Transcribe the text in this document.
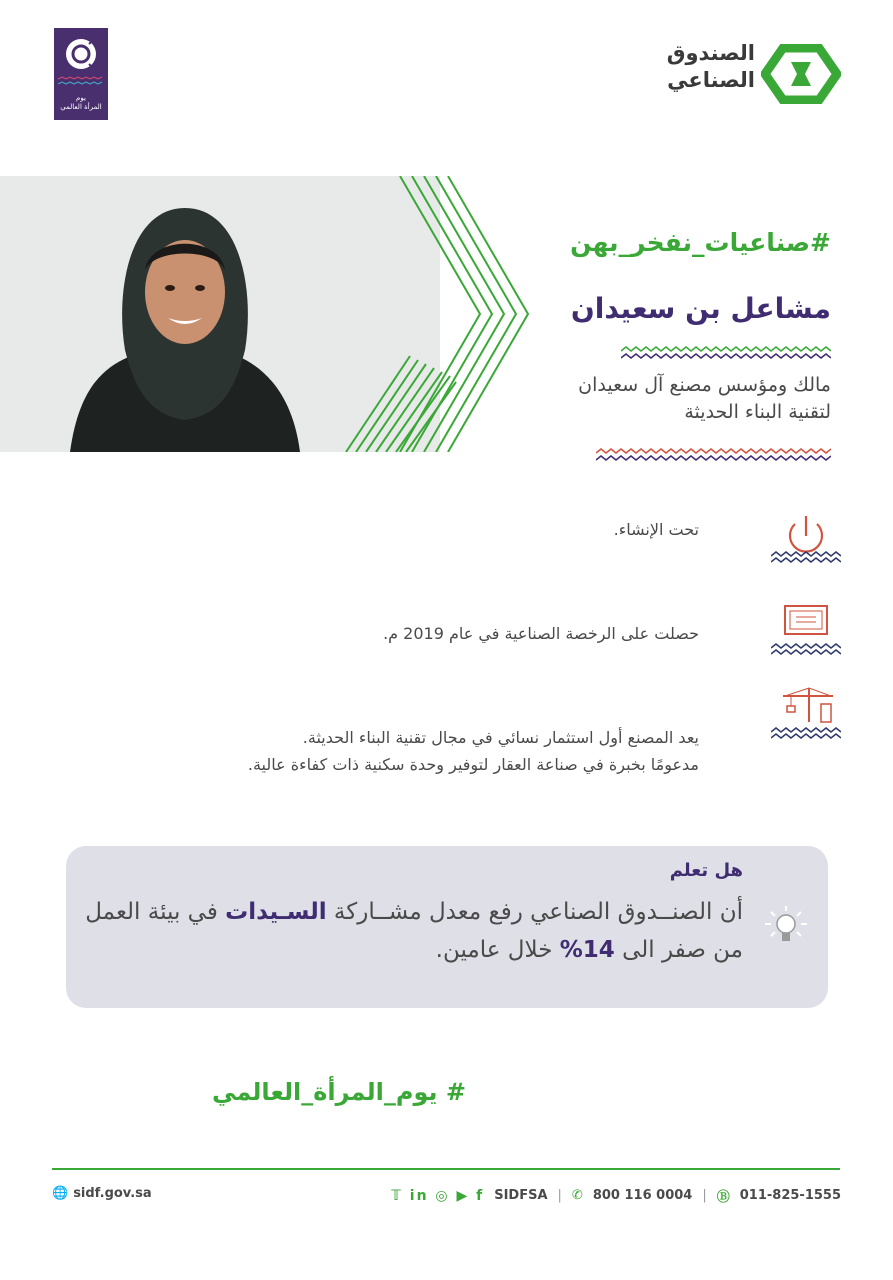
الصندوق
الصناعي
يوم
المرأة العالمي
#صناعيات_نفخر_بهن
مشاعل بن سعيدان
مالك ومؤسس مصنع آل سعيدان
لتقنية البناء الحديثة
تحت الإنشاء.
حصلت على الرخصة الصناعية في عام 2019 م.
يعد المصنع أول استثمار نسائي في مجال تقنية البناء الحديثة.
مدعومًا بخبرة في صناعة العقار لتوفير وحدة سكنية ذات كفاءة عالية.
هل تعلم
أن الصنــدوق الصناعي رفع معدل مشــاركة السـيدات في بيئة العمل من صفر الى 14% خلال عامين.
# يوم_المرأة_العالمي
🌐 sidf.gov.sa	𝕋 in ◎ ▶ f SIDFSA | ✆ 800 116 0004 | Ⓑ 011-825-1555
